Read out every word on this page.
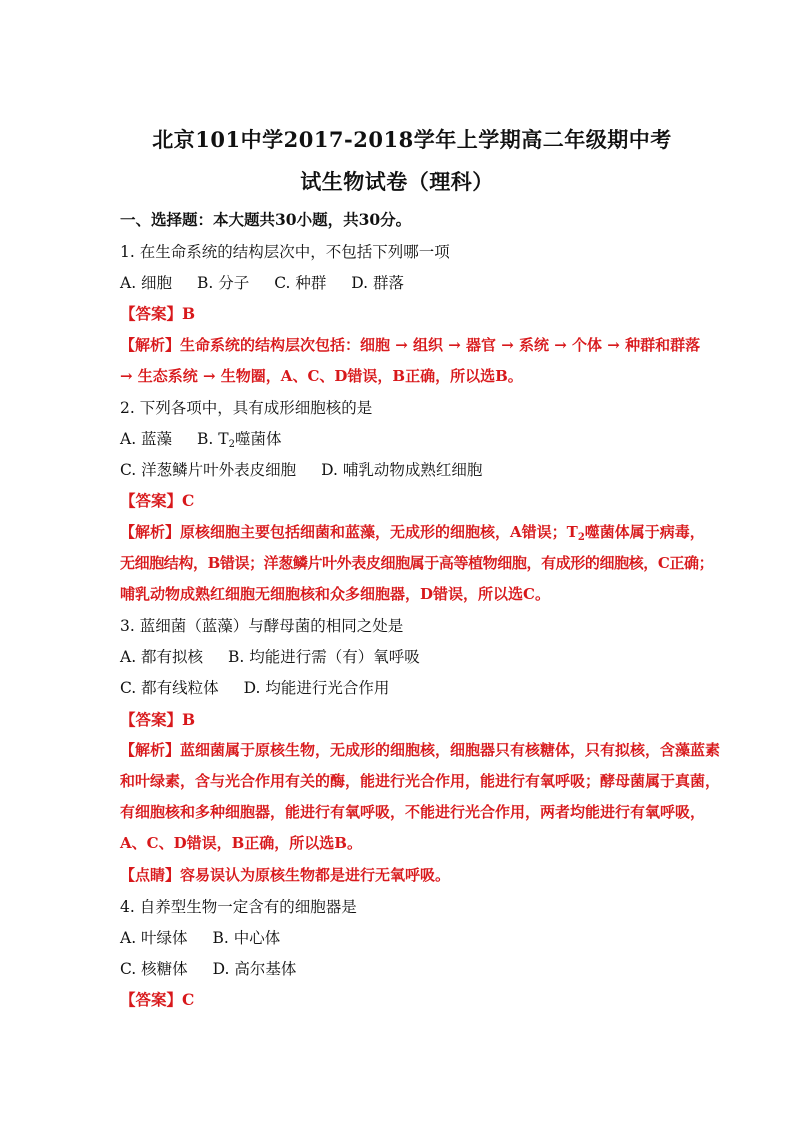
北京101中学2017-2018学年上学期高二年级期中考
试生物试卷（理科）
一、选择题：本大题共30小题，共30分。
1. 在生命系统的结构层次中，不包括下列哪一项
A. 细胞 B. 分子 C. 种群 D. 群落
【答案】B
【解析】生命系统的结构层次包括：细胞 → 组织 → 器官 → 系统 → 个体 → 种群和群落
→ 生态系统 → 生物圈，A、C、D错误，B正确，所以选B。
2. 下列各项中，具有成形细胞核的是
A. 蓝藻 B. $T_2$噬菌体
C. 洋葱鳞片叶外表皮细胞 D. 哺乳动物成熟红细胞
【答案】C
【解析】原核细胞主要包括细菌和蓝藻，无成形的细胞核，A错误；$T_2$噬菌体属于病毒，
无细胞结构，B错误；洋葱鳞片叶外表皮细胞属于高等植物细胞，有成形的细胞核，C正确；
哺乳动物成熟红细胞无细胞核和众多细胞器，D错误，所以选C。
3. 蓝细菌（蓝藻）与酵母菌的相同之处是
A. 都有拟核 B. 均能进行需（有）氧呼吸
C. 都有线粒体 D. 均能进行光合作用
【答案】B
【解析】蓝细菌属于原核生物，无成形的细胞核，细胞器只有核糖体，只有拟核，含藻蓝素
和叶绿素，含与光合作用有关的酶，能进行光合作用，能进行有氧呼吸；酵母菌属于真菌，
有细胞核和多种细胞器，能进行有氧呼吸，不能进行光合作用，两者均能进行有氧呼吸，
A、C、D错误，B正确，所以选B。
【点睛】容易误认为原核生物都是进行无氧呼吸。
4. 自养型生物一定含有的细胞器是
A. 叶绿体 B. 中心体
C. 核糖体 D. 高尔基体
【答案】C
